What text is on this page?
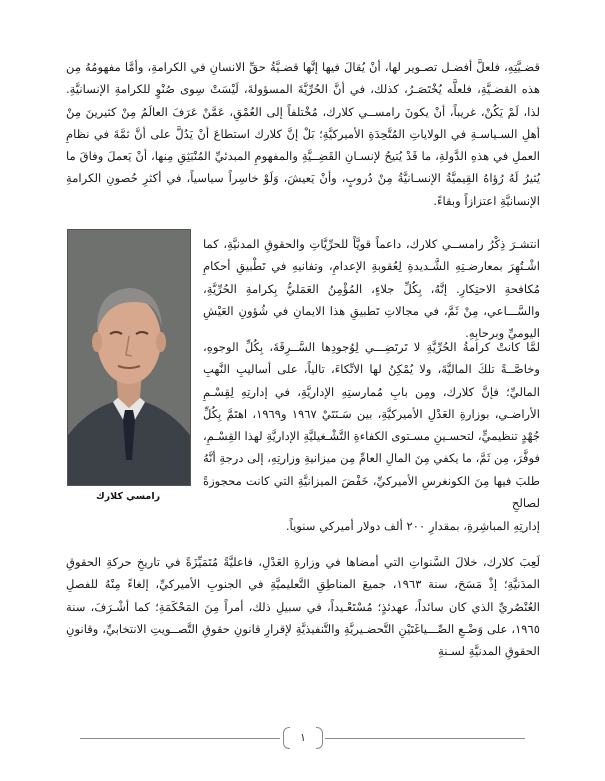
قضـيَّتِهِ، فلعلَّ أفضـل تصـوير لها، أنْ يُقالَ فيها إنَّها قضـيَّةُ حقِّ الانسانِ في الكرامةِ، وأمَّا مفهومُهُ مِن هذه القضـيَّةِ، فلعلَّه يُخْتَصَـرُ، كذلك، في أنَّ الحُرِّيَّةَ المسؤولةَ، لَيْسَتْ سِوى صُنْوٍ للكرامةِ الإنسانيَّةِ. لذا، لَمْ يَكُنْ، غريباً، أنْ يكونَ رامســي كلارك، مُخْتلفاً إلى العُمْقِ، عَمَّنْ عَرَفَ العالَمُ مِنْ كثيرينَ مِنْ أهلِ السـياسـةِ في الولاياتِ المُتَّحِدَةِ الأميركيَّةِ؛ بَلْ إنَّ كلارك استطاعَ أنْ يَدُلَّ على أنَّ ثمَّةَ في نظامِ العملِ في هذهِ الدَّولةِ، ما قَدْ يُتيحُ لإنسـانِ القَضِــيَّةِ والمفهومِ المبدئيِّ المُنْبَثِقِ مِنها، أنْ يَعملَ وفاقَ ما يُثيرُ لَهُ رُؤاهُ القِيميَّةُ الإنسـانيَّةُ مِنْ دُروبٍ، وأنْ يَعيشَ، وَلَوْ خاسِراً سياسياً، في أكثرِ حُصونِ الكرامةِ الإنسانيَّةِ اعتزازاً وبقاءً.

انتشـرَ ذِكْرُ رامســي كلارك، داعماً قويَّاً للحرِّيَّاتِ والحقوقِ المدنيَّةِ، كما اشْـتُهِرَ بمعارضـتِهِ الشَّـديدةِ لِعُقوبةِ الإعدامِ، وتفانيهِ في تَطْبيقِ أحكامِ مُكافحةِ الاحتِكارِ. إنَّهُ، بِكُلِّ جلاءٍ، المُؤْمِنُ العَمَليُّ بِكرامةِ الحُرِّيَّةِ، والسَّـــاعي، مِنْ ثَمَّ، في مجالاتِ تَطبيقِ هذا الايمانِ في شُؤونِ العَيْشِ اليوميِّ وبرحابِهِ.

لمَّا كانتْ كرامةُ الحُرِّيَّةِ لا تَرتَضِـــي لِوُجودِها السَّــرِقَةَ، بِكُلِّ الوجوهِ، وخاصَّــةً تلكَ الماليَّةَ، ولا يُمْكِنُ لها الاتِّكاءَ، تالياً، على أساليبِ النَّهبِ الماليِّ؛ فإنَّ كلارك، ومِن بابِ مُمارستِهِ الإداريَّةِ، في إدارتِهِ لِقِسْـمِ الأراضـي، بوزارةِ العَدْلِ الأميركيَّةِ، بين سَـنَتَيْ ١٩٦٧ و١٩٦٩، اهتَمَّ بِكُلِّ جُهْدٍ تنظيميٍّ، لتحسـينِ مسـتوى الكفاءةِ التَّشْـغيليَّةِ الإداريَّةِ لهذا القِسْـمِ، فوفَّرَ، مِن ثَمَّ، ما يكفي مِنَ المالِ العامِّ مِن ميزانيةِ وزارتِهِ، إلى درجةِ أنَّهُ طلبَ فيها مِنَ الكونغرسِ الأميركيِّ، خَفْضَ الميزانيَّةِ التي كانت محجوزةً لصالحِ

إدارتِهِ المباشِرةِ، بمقدارِ ٢٠٠ ألف دولار أميركي سنوياً.

لَعِبَ كلارك، خلالَ السَّنواتِ التي أمضاها في وزارةِ العَدْلِ، فاعليَّةً مُتَمَيِّزَةً في تاريخِ حركةِ الحقوقِ المدَنيَّةِ؛ إذْ مَسَحَ، سنة ١٩٦٣، جميعَ المناطِقِ التَّعليميَّةِ في الجنوبِ الأميركيِّ، إلغاءً مِنْهُ للفصلِ العُنْصُريِّ الذي كان سائداً، عهدئذٍ؛ مُسْتَعْـيداً، في سبيلِ ذلك، أمراً مِنَ المَحْكَمَةِ؛ كما أشْـرَفَ، سنة ١٩٦٥، على وَضْـعِ الصِّـــياغَتَيْنِ التَّحضـيريَّةِ والتَّنفيذيَّةِ لإقرارِ قانونِ حقوقِ التَّصــويتِ الانتخابيِّ، وقانونِ الحقوقِ المدنيَّةِ لسـنةِ

رامسي كلارك
١
